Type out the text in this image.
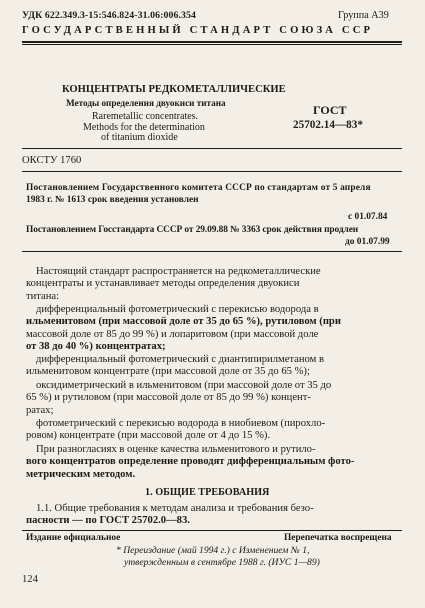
УДК 622.349.3-15:546.824-31.06:006.354	Группа А39
ГОСУДАРСТВЕННЫЙ СТАНДАРТ СОЮЗА ССР
КОНЦЕНТРАТЫ РЕДКОМЕТАЛЛИЧЕСКИЕ
Методы определения двуокиси титана
Raremetallic concentrates.
Methods for the determination
of titanium dioxide
ГОСТ
25702.14—83*
ОКСТУ 1760
Постановлением Государственного комитета СССР по стандартам от 5 апреля
1983 г. № 1613 срок введения установлен
с 01.07.84
Постановлением Госстандарта СССР от 29.09.88 № 3363 срок действия продлен
до 01.07.99
Настоящий стандарт распространяется на редкометаллические
концентраты и устанавливает методы определения двуокиси
титана:
дифференциальный фотометрический с перекисью водорода в
ильменитовом (при массовой доле от 35 до 65 %), рутиловом (при
массовой доле от 85 до 99 %) и лопаритовом (при массовой доле
от 38 до 40 %) концентратах;
дифференциальный фотометрический с диантипирилметаном в
ильменитовом концентрате (при массовой доле от 35 до 65 %);
оксидиметрический в ильменитовом (при массовой доле от 35 до
65 %) и рутиловом (при массовой доле от 85 до 99 %) концент-
ратах;
фотометрический с перекисью водорода в ниобиевом (пирохло-
ровом) концентрате (при массовой доле от 4 до 15 %).
При разногласиях в оценке качества ильменитового и рутило-
вого концентратов определение проводят дифференциальным фото-
метрическим методом.
1. ОБЩИЕ ТРЕБОВАНИЯ
1.1. Общие требования к методам анализа и требования безо-
пасности — по ГОСТ 25702.0—83.
Издание официальное	Перепечатка воспрещена
* Переиздание (май 1994 г.) с Изменением № 1,
утвержденным в сентябре 1988 г. (ИУС 1—89)
124
